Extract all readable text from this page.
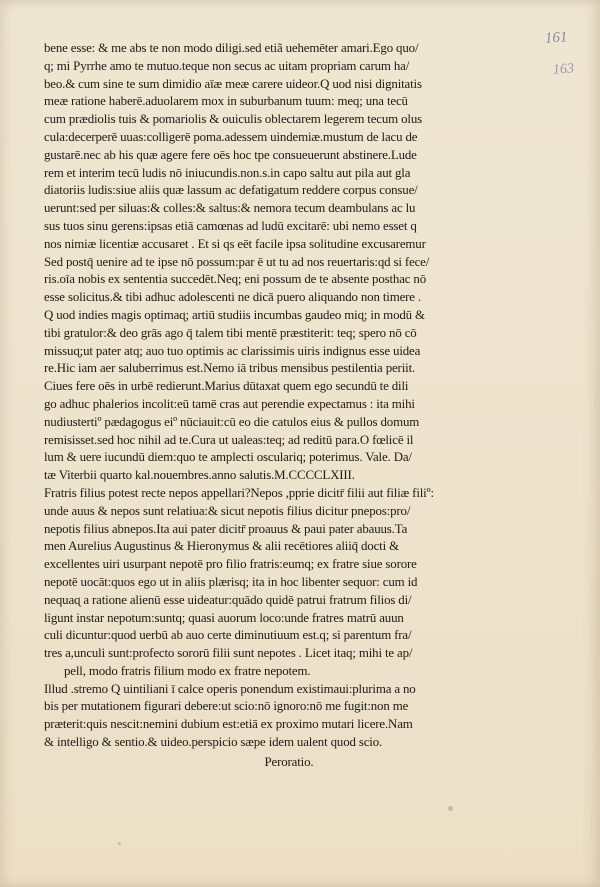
161
163
bene esse: & me abs te non modo diligi.sed etiã uehemēter amari.Ego quo/
q; mi Pyrrhe amo te mutuo.teque non secus ac uitam propriam carum ha/
beo.& cum sine te sum dimidio aīæ meæ carere uideor.Q uod nisi dignitatis
meæ ratione haberē.aduolarem mox in suburbanum tuum: meq; una tecū
cum prædiolis tuis & pomariolis & ouiculis oblectarem legerem tecum olus
cula:decerperē uuas:colligerē poma.adessem uindemiæ.mustum de lacu de
gustarē.nec ab his quæ agere fere oēs hoc tpe consueuerunt abstinere.Lude
rem et interim tecū ludis nō iniucundis.non.s.in capo saltu aut pila aut gla
diatoriis ludis:siue aliis quæ lassum ac defatigatum reddere corpus consue/
uerunt:sed per siluas:& colles:& saltus:& nemora tecum deambulans ac lu
sus tuos sinu gerens:ipsas etiā camœnas ad ludū excitarē: ubi nemo esset q
nos nimiæ licentiæ accusaret . Et si qs eēt facile ipsa solitudine excusaremur
Sed postq̄ uenire ad te ipse nō possum:par ē ut tu ad nos reuertaris:qd si fece/
ris.oīa nobis ex sententia succedēt.Neq; eni possum de te absente posthac nō
esse solicitus.& tibi adhuc adolescenti ne dicā puero aliquando non timere .
Q uod indies magis optimaɋ; artiū studiis incumbas gaudeo miɋ; in modū &
tibi gratulor:& deo grās ago q̄ talem tibi mentē præstiterit: teq; spero nō cō
missuɋ;ut pater atq; auo tuo optimis ac clarissimis uiris indignus esse uidea
re.Hic iam aer saluberrimus est.Nemo iā tribus mensibus pestilentia periit.
Ciues fere oēs in urbē redierunt.Marius dūtaxat quem ego secundū te dili
go adhuc phalerios incolit:eū tamē cras aut perendie expectamus : ita mihi
nudiustertiº pædagogus eiº nūciauit:cū eo die catulos eius & pullos domum
remisisset.sed hoc nihil ad te.Cura ut ualeas:teq; ad reditū para.O fœlicē il
lum & uere iucundū diem:quo te amplecti osculariq; poterimus. Vale. Da/
tæ Viterbii quarto kal.nouembres.anno salutis.M.CCCCLXIII.
Fratris filius potest recte nepos appellari?Nepos ,pprie dicitr̄ filii aut filiæ filiº:
unde auus & nepos sunt relatiua:& sicut nepotis filius dicitur pnepos:pro/
nepotis filius abnepos.Ita aui pater dicitr̄ proauus & paui pater abauus.Ta
men Aurelius Augustinus & Hieronymus & alii recētiores aliiq̄ docti &
excellentes uiri usurpant nepotē pro filio fratris:eumq; ex fratre siue sorore
nepotē uocāt:quos ego ut in aliis plærisq; ita in hoc libenter sequor: cum id
nequaɋ a ratione alienū esse uideatur:quādo quidē patrui fratrum filios di/
ligunt instar nepotum:suntq; quasi auorum loco:unde fratres matrū auun
culi dicuntur:quod uerbū ab auo certe diminutiuum est.q; si parentum fra/
tres a,unculi sunt:profecto sororū filii sunt nepotes . Licet itaq; mihi te ap/
pell, modo fratris filium modo ex fratre nepotem.
Illud .stremo Q uintiliani ī calce operis ponendum existimaui:plurima a no
bis per mutationem figurari debere:ut scio:nō ignoro:nō me fugit:non me
præterit:quis nescit:nemini dubium est:etiā ex proximo mutari licere.Nam
& intelligo & sentio.& uideo.perspicio sæpe idem ualent quod scio.
Peroratio.
